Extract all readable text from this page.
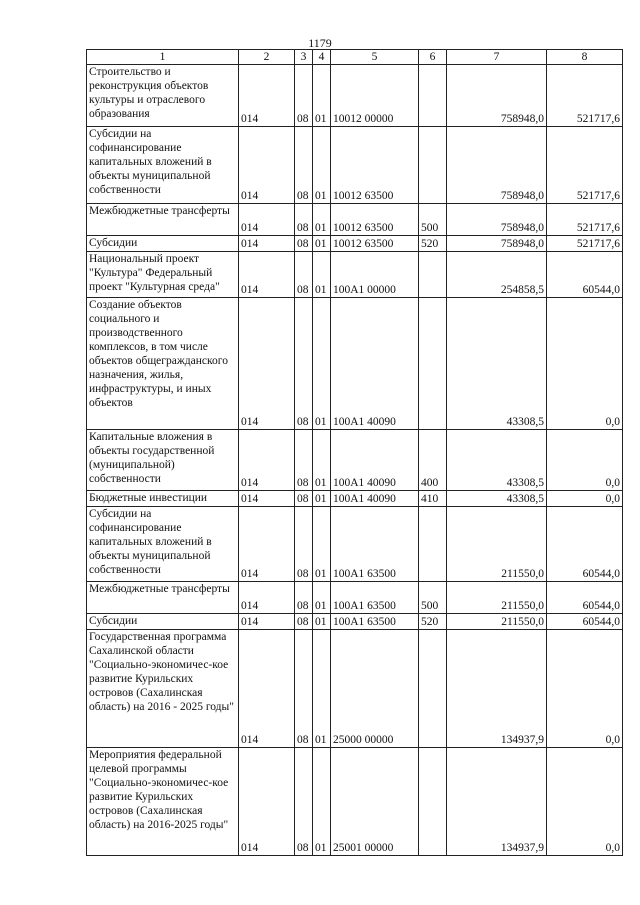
1179
1	2	3	4	5	6	7	8
Строительство и реконструкция объектов культуры и отраслевого образования	014	08	01	10012 00000		758948,0	521717,6
Субсидии на софинансирование капитальных вложений в объекты муниципальной собственности	014	08	01	10012 63500		758948,0	521717,6
Межбюджетные трансферты	014	08	01	10012 63500	500	758948,0	521717,6
Субсидии	014	08	01	10012 63500	520	758948,0	521717,6
Национальный проект "Культура" Федеральный проект "Культурная среда"	014	08	01	100А1 00000		254858,5	60544,0
Создание объектов социального и производственного комплексов, в том числе объектов общегражданского назначения, жилья, инфраструктуры, и иных объектов	014	08	01	100А1 40090		43308,5	0,0
Капитальные вложения в объекты государственной (муниципальной) собственности	014	08	01	100А1 40090	400	43308,5	0,0
Бюджетные инвестиции	014	08	01	100А1 40090	410	43308,5	0,0
Субсидии на софинансирование капитальных вложений в объекты муниципальной собственности	014	08	01	100А1 63500		211550,0	60544,0
Межбюджетные трансферты	014	08	01	100А1 63500	500	211550,0	60544,0
Субсидии	014	08	01	100А1 63500	520	211550,0	60544,0
Государственная программа Сахалинской области "Социально-экономичес-кое развитие Курильских островов (Сахалинская область) на 2016 - 2025 годы"	014	08	01	25000 00000		134937,9	0,0
Мероприятия федеральной целевой программы "Социально-экономичес-кое развитие Курильских островов (Сахалинская область) на 2016-2025 годы"	014	08	01	25001 00000		134937,9	0,0
